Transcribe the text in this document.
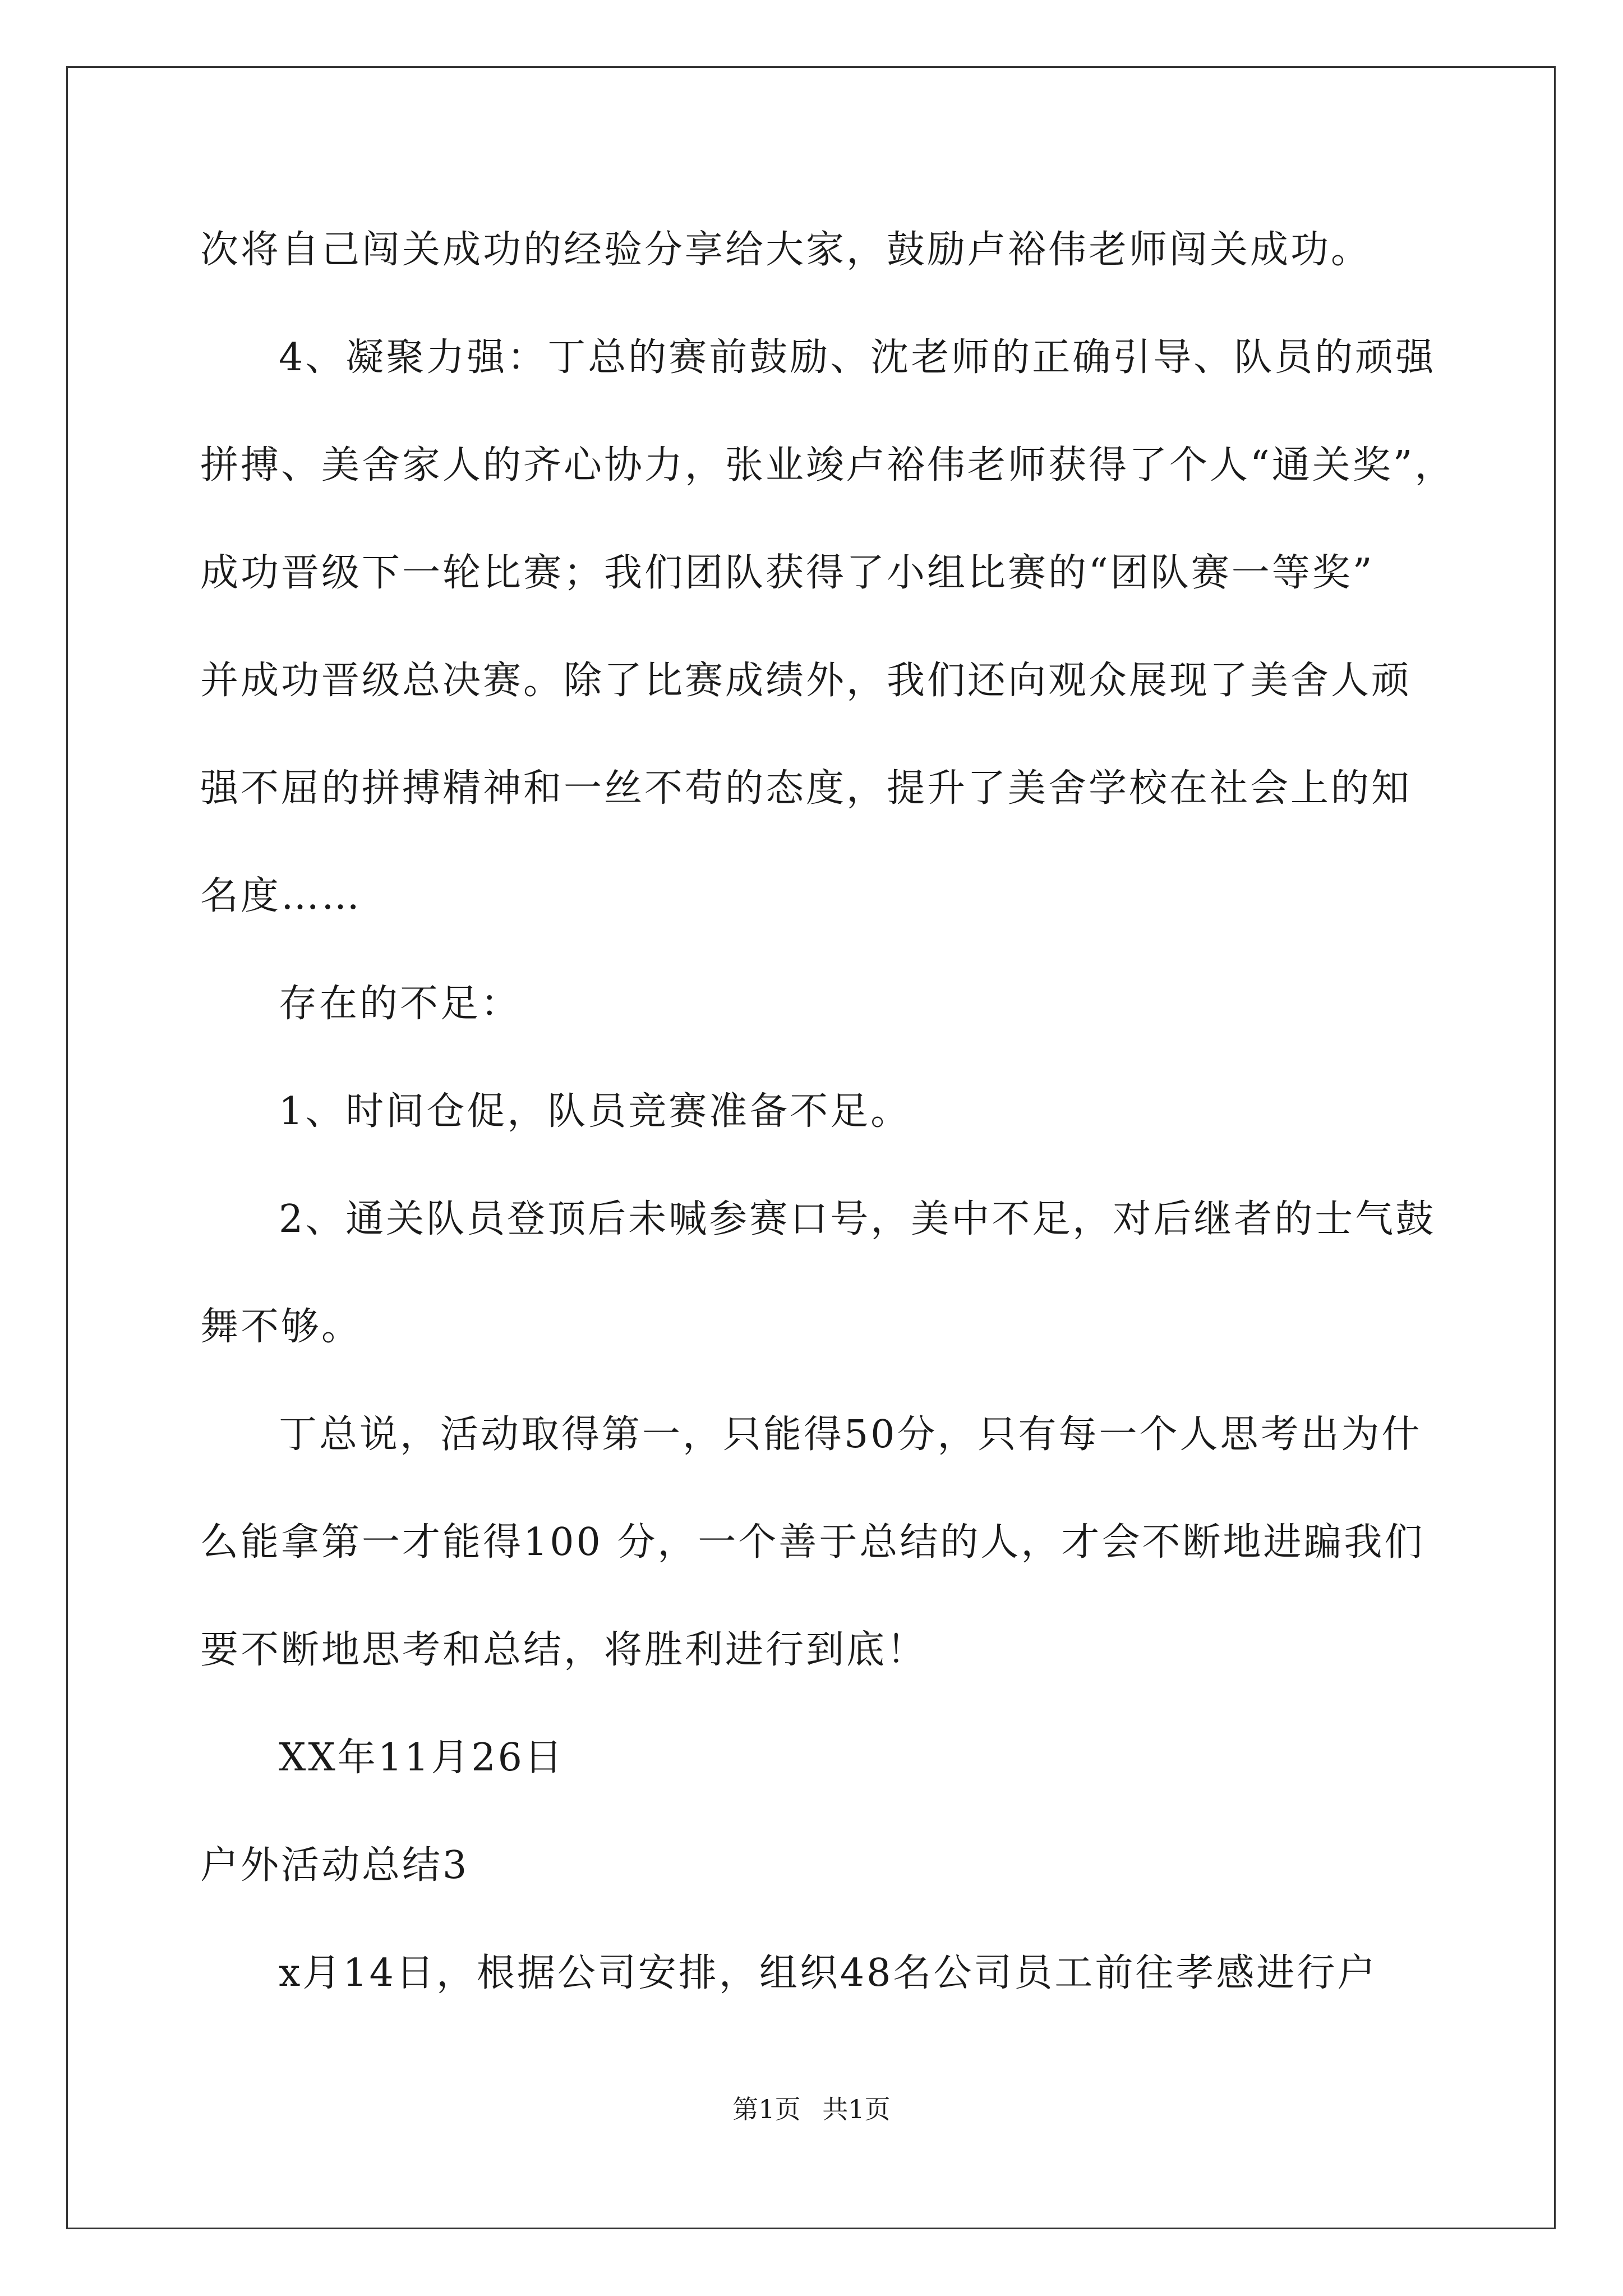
次将自己闯关成功的经验分享给大家，鼓励卢裕伟老师闯关成功。
4、凝聚力强：丁总的赛前鼓励、沈老师的正确引导、队员的顽强
拼搏、美舍家人的齐心协力，张业竣卢裕伟老师获得了个人“通关奖”，
成功晋级下一轮比赛；我们团队获得了小组比赛的“团队赛一等奖”
并成功晋级总决赛。除了比赛成绩外，我们还向观众展现了美舍人顽
强不屈的拼搏精神和一丝不苟的态度，提升了美舍学校在社会上的知
名度……
存在的不足：
1、时间仓促，队员竞赛准备不足。
2、通关队员登顶后未喊参赛口号，美中不足，对后继者的士气鼓
舞不够。
丁总说，活动取得第一，只能得50分，只有每一个人思考出为什
么能拿第一才能得100 分，一个善于总结的人，才会不断地进蹁我们
要不断地思考和总结，将胜利进行到底！
XX年11月26日
户外活动总结3
x月14日，根据公司安排，组织48名公司员工前往孝感进行户
第1页 共1页
